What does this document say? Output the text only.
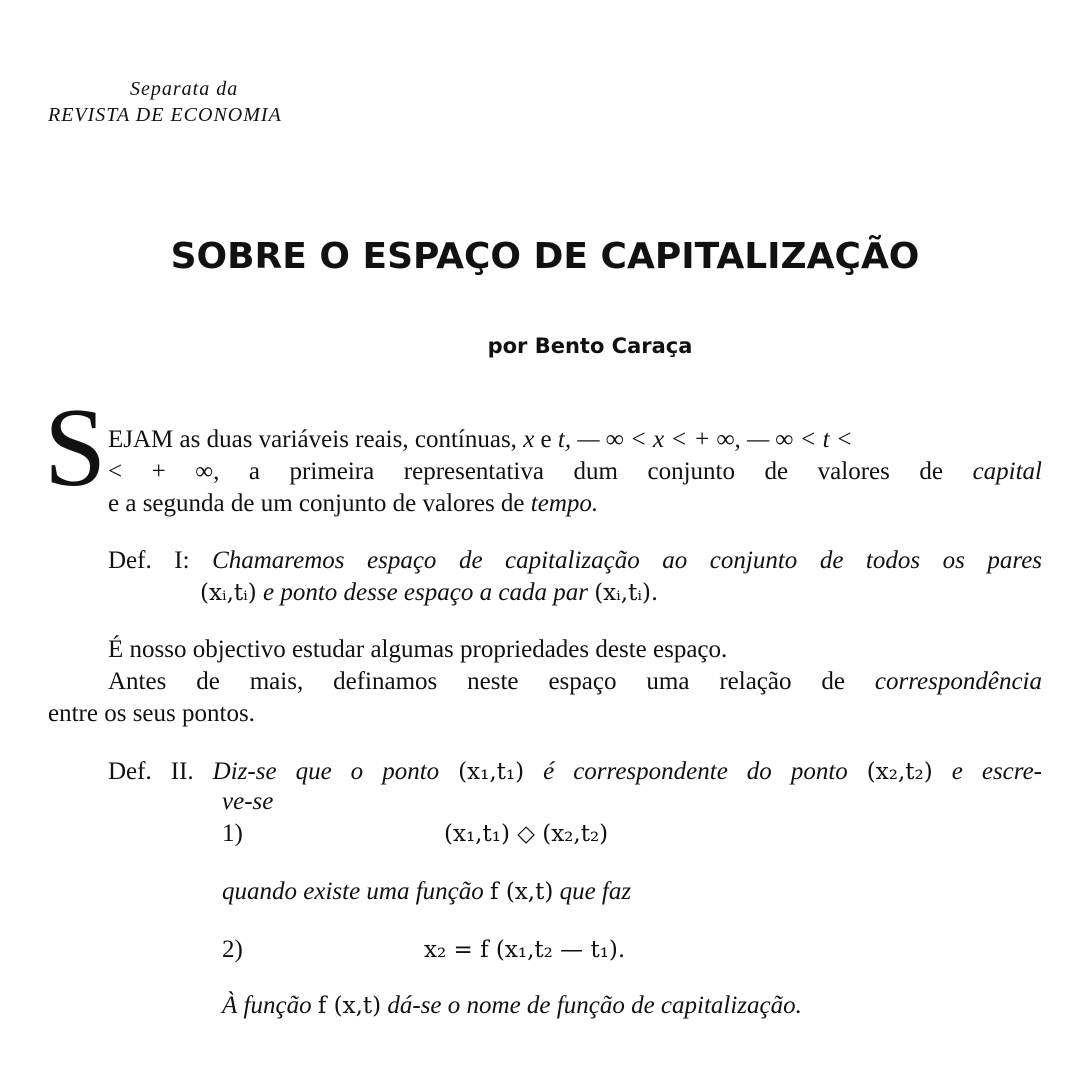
Separata da
REVISTA DE ECONOMIA
SOBRE O ESPAÇO DE CAPITALIZAÇÃO
por Bento Caraça
S EJAM as duas variáveis reais, contínuas, x e t, — ∞ < x < + ∞, — ∞ < t <
< + ∞, a primeira representativa dum conjunto de valores de capital
e a segunda de um conjunto de valores de tempo.
Def. I: Chamaremos espaço de capitalização ao conjunto de todos os pares
(xᵢ,tᵢ) e ponto desse espaço a cada par (xᵢ,tᵢ).
É nosso objectivo estudar algumas propriedades deste espaço.
Antes de mais, definamos neste espaço uma relação de correspondência
entre os seus pontos.
Def. II. Diz-se que o ponto (x₁,t₁) é correspondente do ponto (x₂,t₂) e escre-
ve-se
1)	(x₁,t₁) ◇ (x₂,t₂)
quando existe uma função f (x,t) que faz
2)	x₂ = f (x₁,t₂ — t₁).
À função f (x,t) dá-se o nome de função de capitalização.
